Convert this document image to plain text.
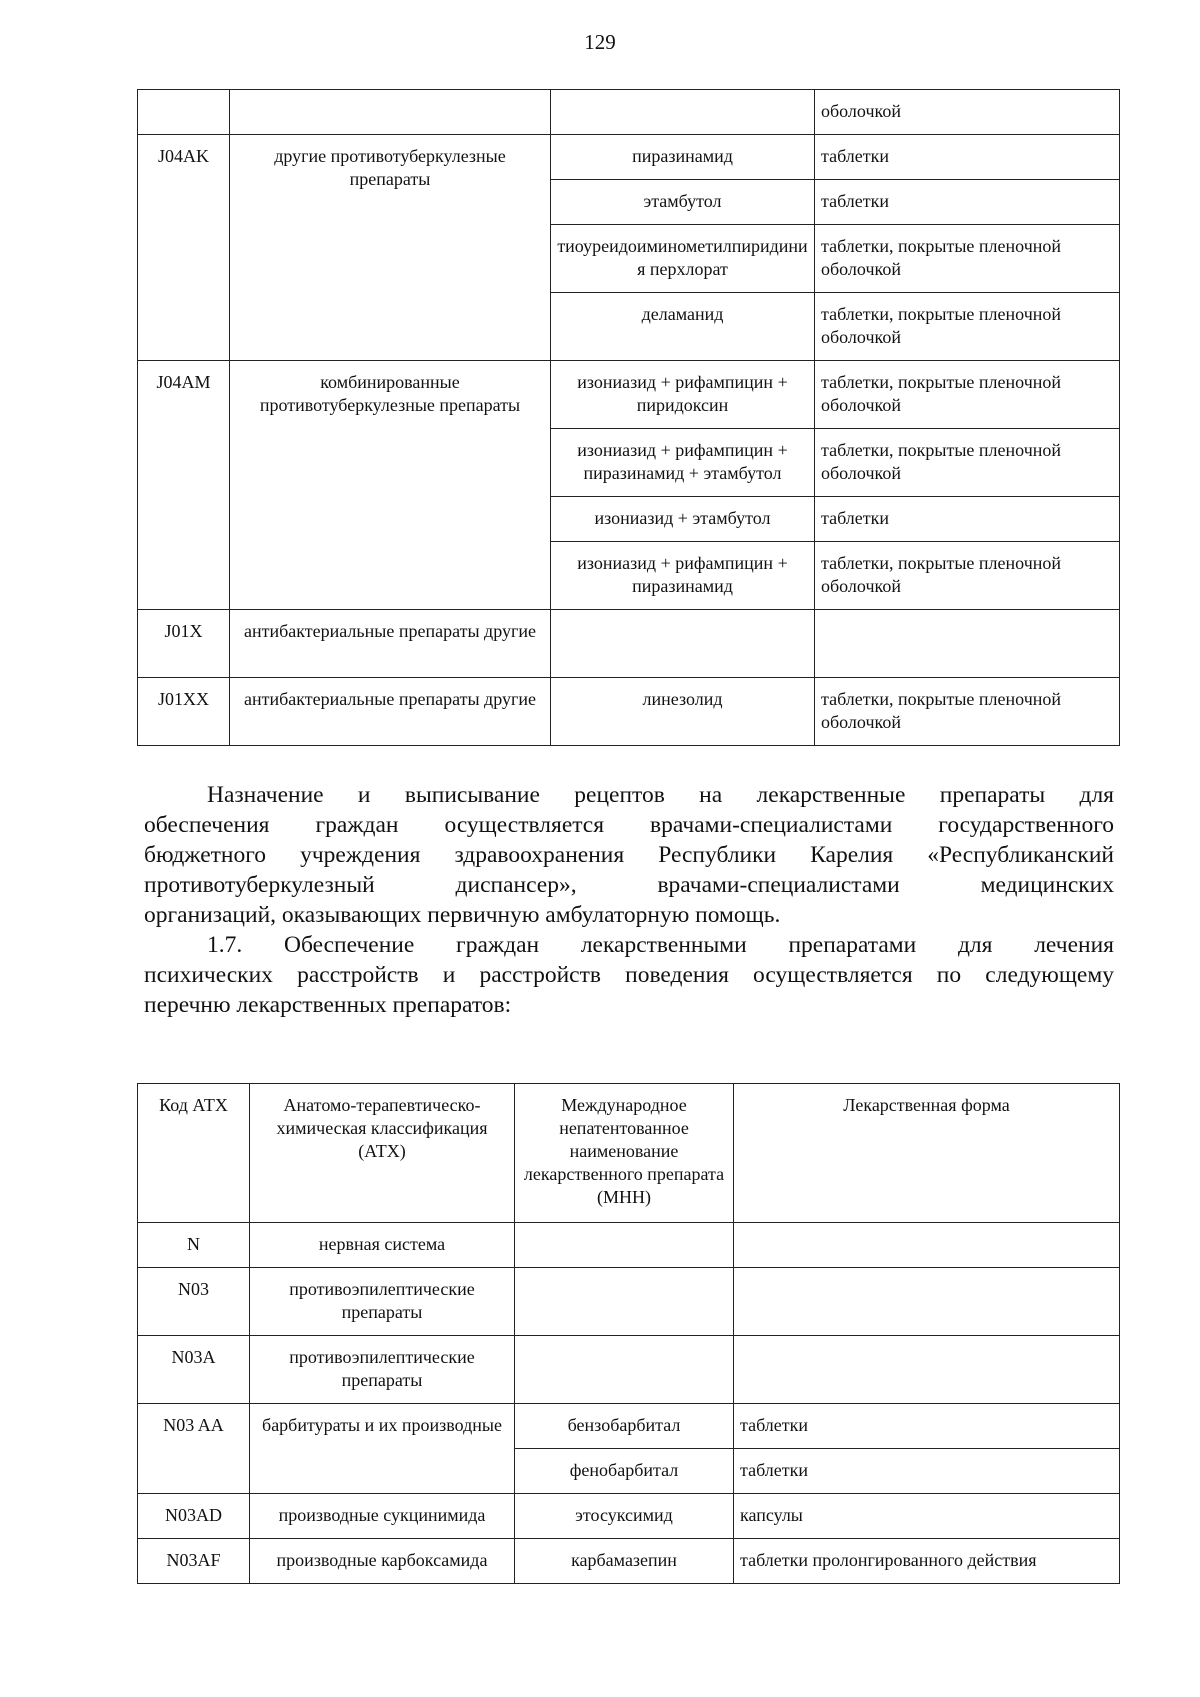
129
			оболочкой
J04AK	другие противотуберкулезные препараты	пиразинамид	таблетки
		этамбутол	таблетки
		тиоуреидоиминометилпиридиния перхлорат	таблетки, покрытые пленочной оболочкой
		деламанид	таблетки, покрытые пленочной оболочкой
J04AM	комбинированные противотуберкулезные препараты	изониазид + рифампицин + пиридоксин	таблетки, покрытые пленочной оболочкой
		изониазид + рифампицин + пиразинамид + этамбутол	таблетки, покрытые пленочной оболочкой
		изониазид + этамбутол	таблетки
		изониазид + рифампицин + пиразинамид	таблетки, покрытые пленочной оболочкой
J01X	антибактериальные препараты другие		
J01XX	антибактериальные препараты другие	линезолид	таблетки, покрытые пленочной оболочкой
Назначение и выписывание рецептов на лекарственные препараты для
обеспечения граждан осуществляется врачами-специалистами государственного
бюджетного учреждения здравоохранения Республики Карелия «Республиканский
противотуберкулезный диспансер», врачами-специалистами медицинских
организаций, оказывающих первичную амбулаторную помощь.
1.7. Обеспечение граждан лекарственными препаратами для лечения
психических расстройств и расстройств поведения осуществляется по следующему
перечню лекарственных препаратов:
Код АТХ	Анатомо-терапевтическо-химическая классификация (АТХ)	Международное непатентованное наименование лекарственного препарата (МНН)	Лекарственная форма
N	нервная система		
N03	противоэпилептические препараты		
N03A	противоэпилептические препараты		
N03 AA	барбитураты и их производные	бензобарбитал	таблетки
		фенобарбитал	таблетки
N03AD	производные сукцинимида	этосуксимид	капсулы
N03AF	производные карбоксамида	карбамазепин	таблетки пролонгированного действия
